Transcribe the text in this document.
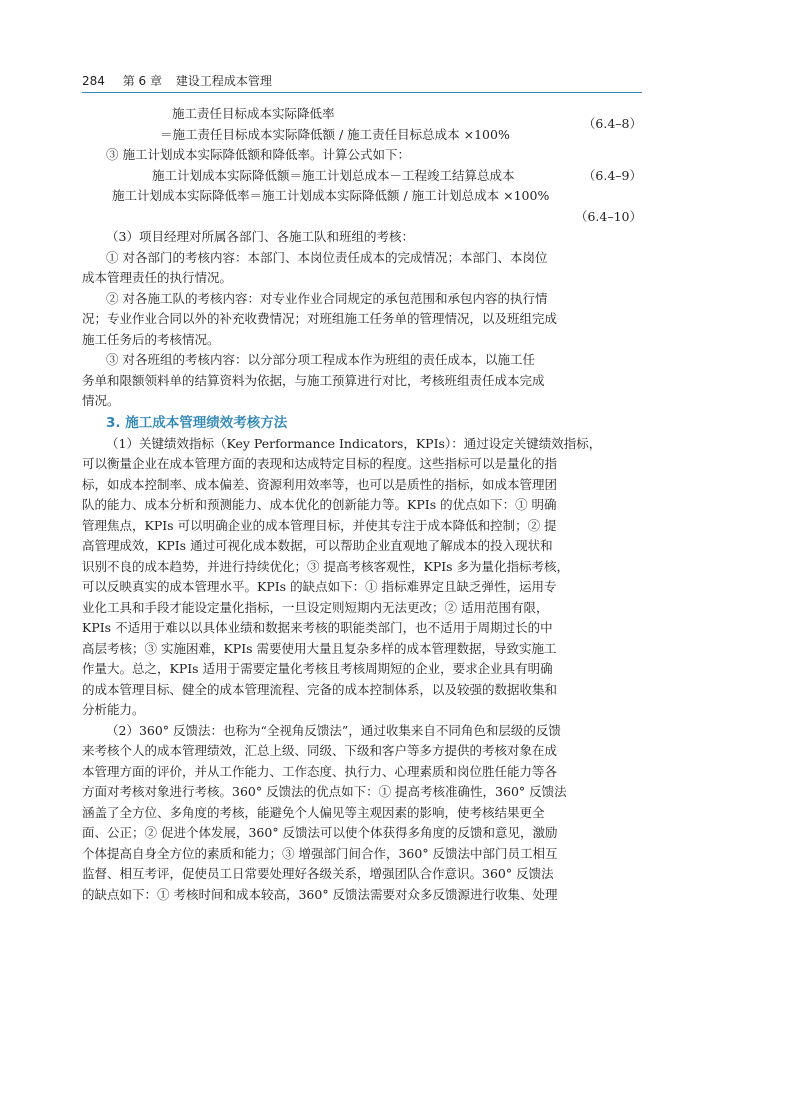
284 第 6 章 建设工程成本管理
施工责任目标成本实际降低率
＝施工责任目标成本实际降低额 / 施工责任目标总成本 ×100%
（6.4–8）
③ 施工计划成本实际降低额和降低率。计算公式如下：
施工计划成本实际降低额＝施工计划总成本－工程竣工结算总成本	（6.4–9）
施工计划成本实际降低率＝施工计划成本实际降低额 / 施工计划总成本 ×100%
（6.4–10）
（3）项目经理对所属各部门、各施工队和班组的考核：
① 对各部门的考核内容：本部门、本岗位责任成本的完成情况；本部门、本岗位
成本管理责任的执行情况。
② 对各施工队的考核内容：对专业作业合同规定的承包范围和承包内容的执行情
况；专业作业合同以外的补充收费情况；对班组施工任务单的管理情况，以及班组完成
施工任务后的考核情况。
③ 对各班组的考核内容：以分部分项工程成本作为班组的责任成本，以施工任
务单和限额领料单的结算资料为依据，与施工预算进行对比，考核班组责任成本完成
情况。
3. 施工成本管理绩效考核方法
（1）关键绩效指标（Key Performance Indicators，KPIs）：通过设定关键绩效指标，
可以衡量企业在成本管理方面的表现和达成特定目标的程度。这些指标可以是量化的指
标，如成本控制率、成本偏差、资源利用效率等，也可以是质性的指标，如成本管理团
队的能力、成本分析和预测能力、成本优化的创新能力等。KPIs 的优点如下：① 明确
管理焦点，KPIs 可以明确企业的成本管理目标，并使其专注于成本降低和控制；② 提
高管理成效，KPIs 通过可视化成本数据，可以帮助企业直观地了解成本的投入现状和
识别不良的成本趋势，并进行持续优化；③ 提高考核客观性，KPIs 多为量化指标考核，
可以反映真实的成本管理水平。KPIs 的缺点如下：① 指标难界定且缺乏弹性，运用专
业化工具和手段才能设定量化指标，一旦设定则短期内无法更改；② 适用范围有限，
KPIs 不适用于难以以具体业绩和数据来考核的职能类部门，也不适用于周期过长的中
高层考核；③ 实施困难，KPIs 需要使用大量且复杂多样的成本管理数据，导致实施工
作量大。总之，KPIs 适用于需要定量化考核且考核周期短的企业，要求企业具有明确
的成本管理目标、健全的成本管理流程、完备的成本控制体系，以及较强的数据收集和
分析能力。
（2）360° 反馈法：也称为“全视角反馈法”，通过收集来自不同角色和层级的反馈
来考核个人的成本管理绩效，汇总上级、同级、下级和客户等多方提供的考核对象在成
本管理方面的评价，并从工作能力、工作态度、执行力、心理素质和岗位胜任能力等各
方面对考核对象进行考核。360° 反馈法的优点如下：① 提高考核准确性，360° 反馈法
涵盖了全方位、多角度的考核，能避免个人偏见等主观因素的影响，使考核结果更全
面、公正；② 促进个体发展，360° 反馈法可以使个体获得多角度的反馈和意见，激励
个体提高自身全方位的素质和能力；③ 增强部门间合作，360° 反馈法中部门员工相互
监督、相互考评，促使员工日常要处理好各级关系，增强团队合作意识。360° 反馈法
的缺点如下：① 考核时间和成本较高，360° 反馈法需要对众多反馈源进行收集、处理
